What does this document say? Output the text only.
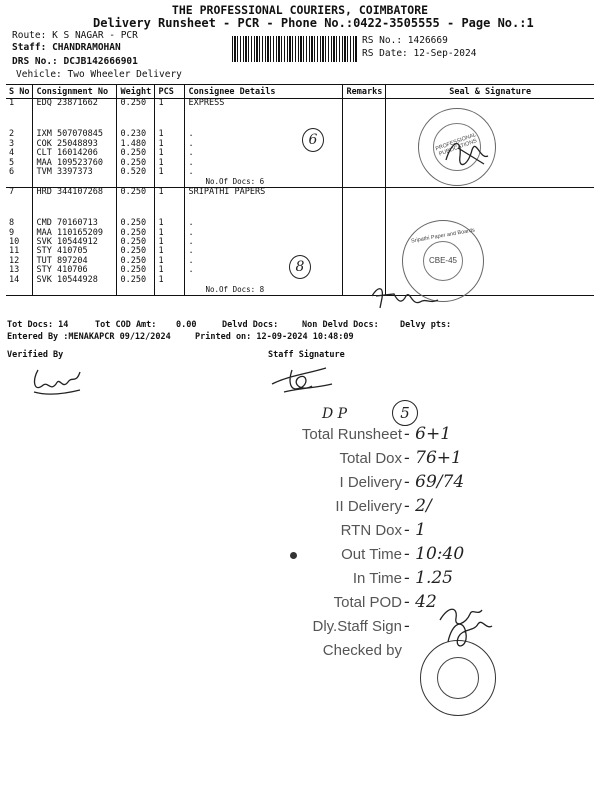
THE PROFESSIONAL COURIERS, COIMBATORE
Delivery Runsheet - PCR - Phone No.:0422-3505555 - Page No.:1
Route: K S NAGAR - PCR
Staff: CHANDRAMOHAN
DRS No.: DCJB142666901
Vehicle: Two Wheeler Delivery
RS No.: 1426669
RS Date: 12-Sep-2024
S No	Consignment No	Weight	PCS	Consignee Details	Remarks	Seal & Signature
1	EDQ 23871662	0.250	1	EXPRESS		

2	IXM 507070845	0.230	1	.		
3	COK 25048893	1.480	1	.		
4	CLT 16014206	0.250	1	.		
5	MAA 109523760	0.250	1	.		
6	TVM 3397373	0.520	1	.		
				No.Of Docs: 6		
7	HRD 344107268	0.250	1	SRIPATHI PAPERS		

8	CMD 70160713	0.250	1	.		
9	MAA 110165209	0.250	1	.		
10	SVK 10544912	0.250	1	.		
11	STY 410705	0.250	1	.		
12	TUT 897204	0.250	1	.		
13	STY 410706	0.250	1	.		
14	SVK 10544928	0.250	1			
				No.Of Docs: 8		
PROFESSIONAL PUBLICATIONS
Sripathi Paper and Boards
CBE-45
6
8
Tot Docs: 14	Tot COD Amt: 0.00	Delvd Docs:	Non Delvd Docs: Delvy pts:
Entered By :MENAKAPCR 09/12/2024	Printed on: 12-09-2024 10:48:09
Verified By	Staff Signature
D P	5
Total Runsheet - 6+1
Total Dox - 76+1
I Delivery - 69/74
II Delivery - 2/
RTN Dox - 1
Out Time - 10:40
In Time - 1.25
Total POD - 42
Dly.Staff Sign -
Checked by
